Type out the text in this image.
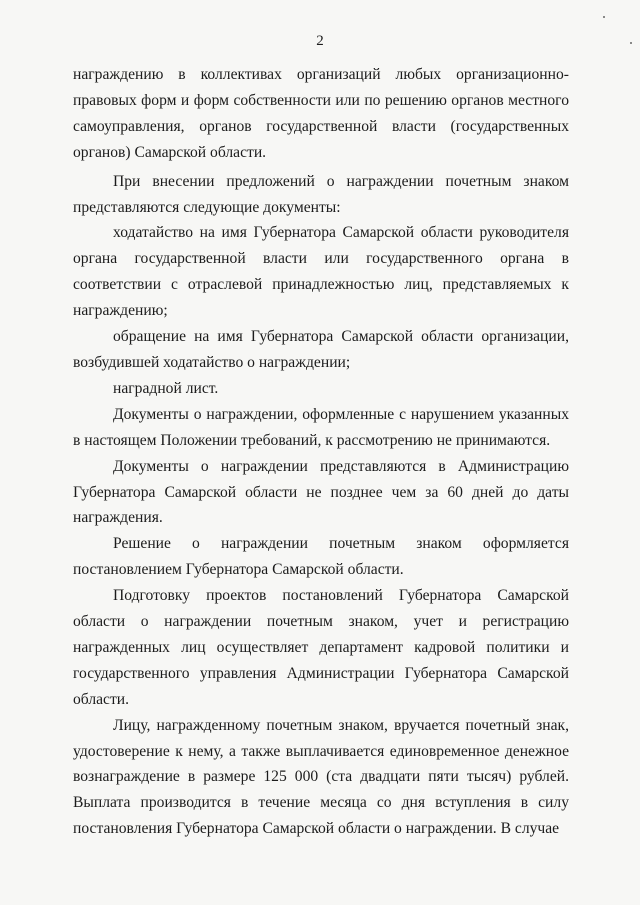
2

награждению в коллективах организаций любых организационно-правовых форм и форм собственности или по решению органов местного самоуправления, органов государственной власти (государственных органов) Самарской области.

При внесении предложений о награждении почетным знаком представляются следующие документы:

ходатайство на имя Губернатора Самарской области руководителя органа государственной власти или государственного органа в соответствии с отраслевой принадлежностью лиц, представляемых к награждению;

обращение на имя Губернатора Самарской области организации, возбудившей ходатайство о награждении;

наградной лист.

Документы о награждении, оформленные с нарушением указанных в настоящем Положении требований, к рассмотрению не принимаются.

Документы о награждении представляются в Администрацию Губернатора Самарской области не позднее чем за 60 дней до даты награждения.

Решение о награждении почетным знаком оформляется постановлением Губернатора Самарской области.

Подготовку проектов постановлений Губернатора Самарской области о награждении почетным знаком, учет и регистрацию награжденных лиц осуществляет департамент кадровой политики и государственного управления Администрации Губернатора Самарской области.

Лицу, награжденному почетным знаком, вручается почетный знак, удостоверение к нему, а также выплачивается единовременное денежное вознаграждение в размере 125 000 (ста двадцати пяти тысяч) рублей. Выплата производится в течение месяца со дня вступления в силу постановления Губернатора Самарской области о награждении. В случае
